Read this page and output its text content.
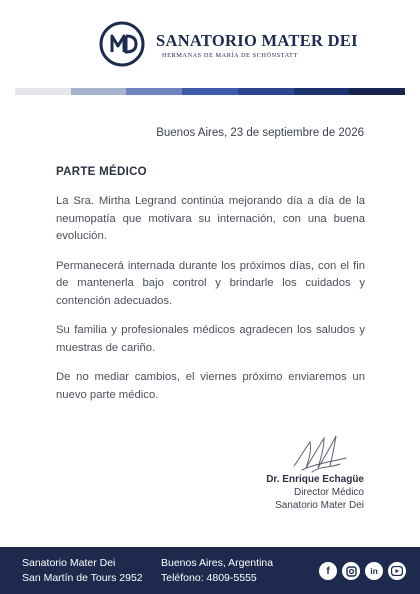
SANATORIO MATER DEI
HERMANAS DE MARÍA DE SCHÖNSTATT
Buenos Aires, 23 de septiembre de 2026
PARTE MÉDICO

La Sra. Mirtha Legrand continúa mejorando día a día de la neumopatía que motivara su internación, con una buena evolución.

Permanecerá internada durante los próximos días, con el fin de mantenerla bajo control y brindarle los cuidados y contención adecuados.

Su familia y profesionales médicos agradecen los saludos y muestras de cariño.

De no mediar cambios, el viernes próximo enviaremos un nuevo parte médico.

Dr. Enrique Echagüe
Director Médico
Sanatorio Mater Dei
Sanatorio Mater Dei
San Martín de Tours 2952
Buenos Aires, Argentina
Teléfono: 4809-5555
f	in
